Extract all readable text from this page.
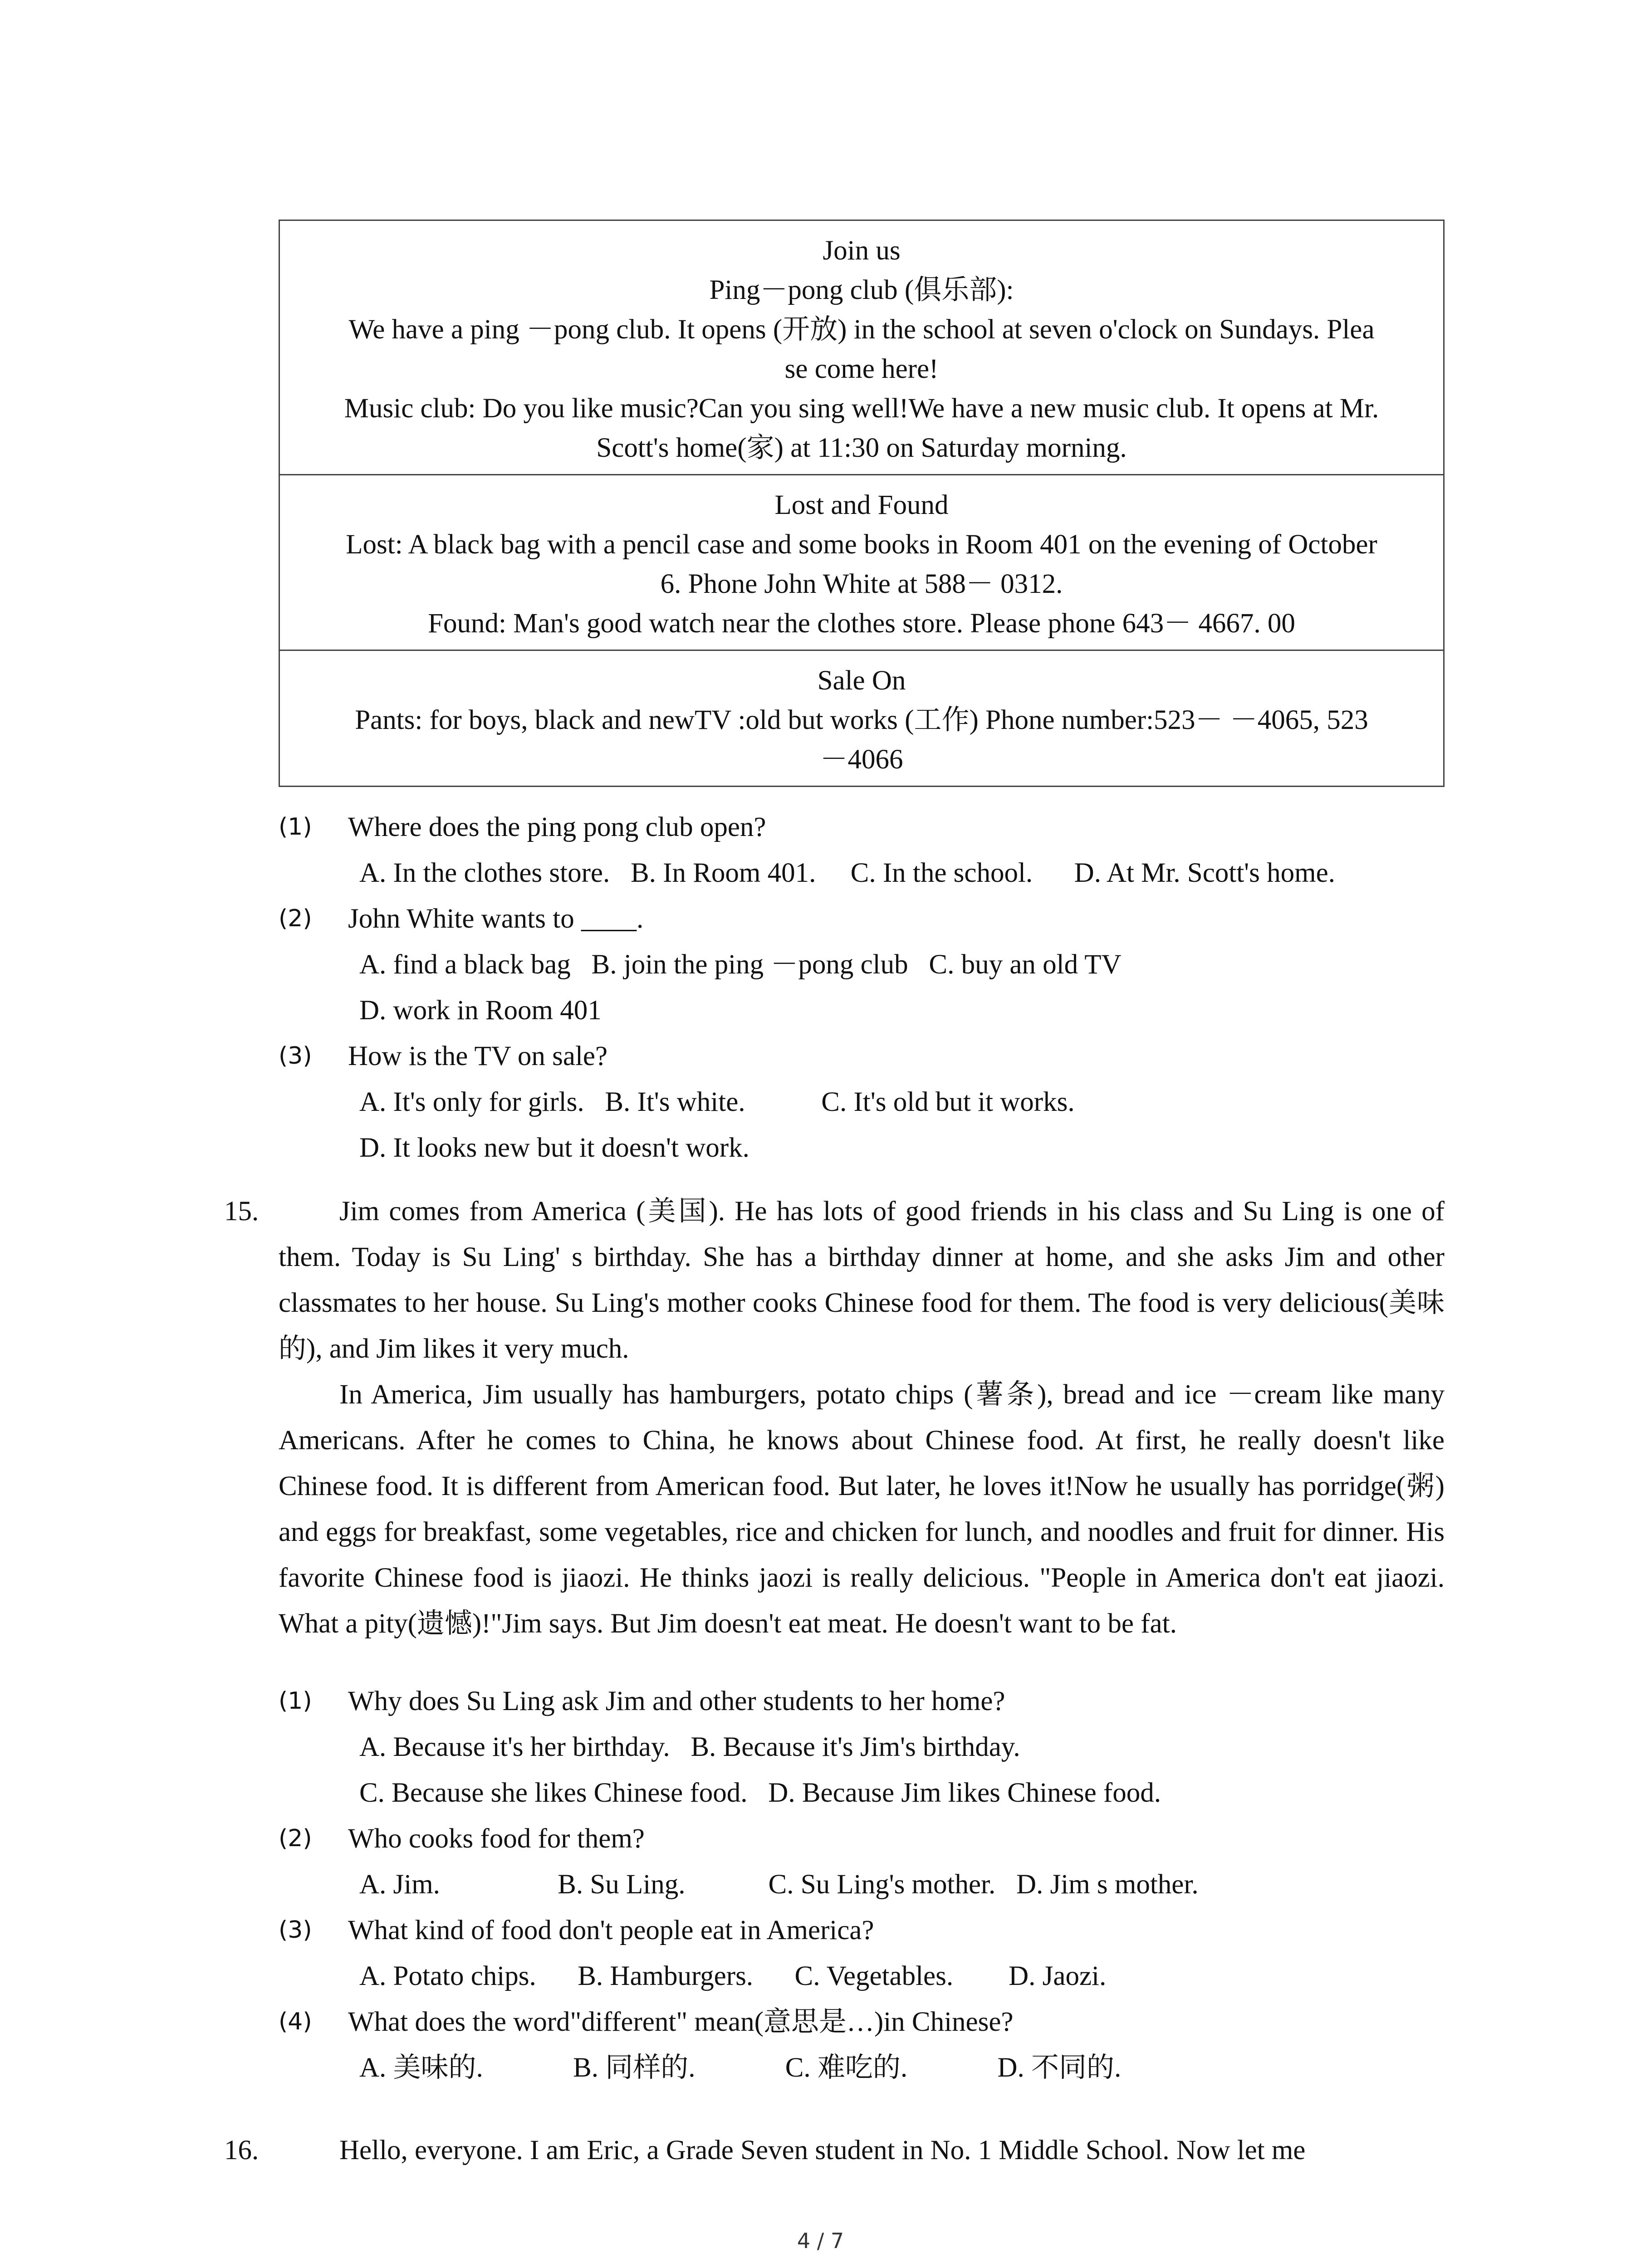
Join us
Ping－pong club (俱乐部):
We have a ping －pong club. It opens (开放) in the school at seven o'clock on Sundays. Plea
se come here!
Music club: Do you like music?Can you sing well!We have a new music club. It opens at Mr.
Scott's home(家) at 11:30 on Saturday morning.
Lost and Found
Lost: A black bag with a pencil case and some books in Room 401 on the evening of October
6. Phone John White at 588－ 0312.
Found: Man's good watch near the clothes store. Please phone 643－ 4667. 00
Sale On
Pants: for boys, black and newTV :old but works (工作) Phone number:523－ －4065, 523
－4066
(1) Where does the ping pong club open?
A. In the clothes store.   B. In Room 401.     C. In the school.      D. At Mr. Scott's home.
(2) John White wants to ____.
A. find a black bag   B. join the ping －pong club   C. buy an old TV
D. work in Room 401
(3) How is the TV on sale?
A. It's only for girls.   B. It's white.           C. It's old but it works.
D. It looks new but it doesn't work.
15.	Jim comes from America (美国). He has lots of good friends in his class and Su Ling is one of them. Today is Su Ling' s birthday. She has a birthday dinner at home, and she asks Jim and other classmates to her house. Su Ling's mother cooks Chinese food for them. The food is very delicious(美味的), and Jim likes it very much.

In America, Jim usually has hamburgers, potato chips (薯条), bread and ice －cream like many Americans. After he comes to China, he knows about Chinese food. At first, he really doesn't like Chinese food. It is different from American food. But later, he loves it!Now he usually has porridge(粥) and eggs for breakfast, some vegetables, rice and chicken for lunch, and noodles and fruit for dinner. His favorite Chinese food is jiaozi. He thinks jaozi is really delicious. "People in America don't eat jiaozi. What a pity(遗憾)!"Jim says. But Jim doesn't eat meat. He doesn't want to be fat.

(1) Why does Su Ling ask Jim and other students to her home?
A. Because it's her birthday.   B. Because it's Jim's birthday.
C. Because she likes Chinese food.   D. Because Jim likes Chinese food.
(2) Who cooks food for them?
A. Jim.                 B. Su Ling.            C. Su Ling's mother.   D. Jim s mother.
(3) What kind of food don't people eat in America?
A. Potato chips.      B. Hamburgers.      C. Vegetables.        D. Jaozi.
(4) What does the word"different" mean(意思是…)in Chinese?
A. 美味的.             B. 同样的.             C. 难吃的.             D. 不同的.
16.	Hello, everyone. I am Eric, a Grade Seven student in No. 1 Middle School. Now let me

4 / 7
